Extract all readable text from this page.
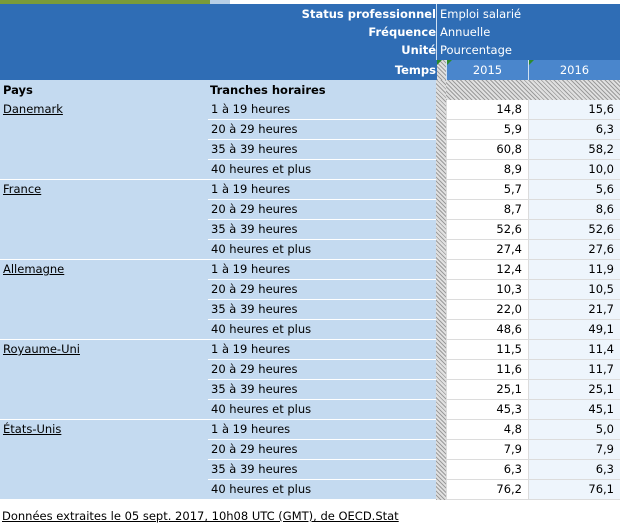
Status professionnel Emploi salarié
Fréquence Annuelle
Unité Pourcentage
Temps	2015	2016
Pays	Tranches horaires
Danemark	1 à 19 heures	14,8	15,6
20 à 29 heures	5,9	6,3
35 à 39 heures	60,8	58,2
40 heures et plus	8,9	10,0
France	1 à 19 heures	5,7	5,6
20 à 29 heures	8,7	8,6
35 à 39 heures	52,6	52,6
40 heures et plus	27,4	27,6
Allemagne	1 à 19 heures	12,4	11,9
20 à 29 heures	10,3	10,5
35 à 39 heures	22,0	21,7
40 heures et plus	48,6	49,1
Royaume-Uni	1 à 19 heures	11,5	11,4
20 à 29 heures	11,6	11,7
35 à 39 heures	25,1	25,1
40 heures et plus	45,3	45,1
États-Unis	1 à 19 heures	4,8	5,0
20 à 29 heures	7,9	7,9
35 à 39 heures	6,3	6,3
40 heures et plus	76,2	76,1
Données extraites le 05 sept. 2017, 10h08 UTC (GMT), de OECD.Stat
